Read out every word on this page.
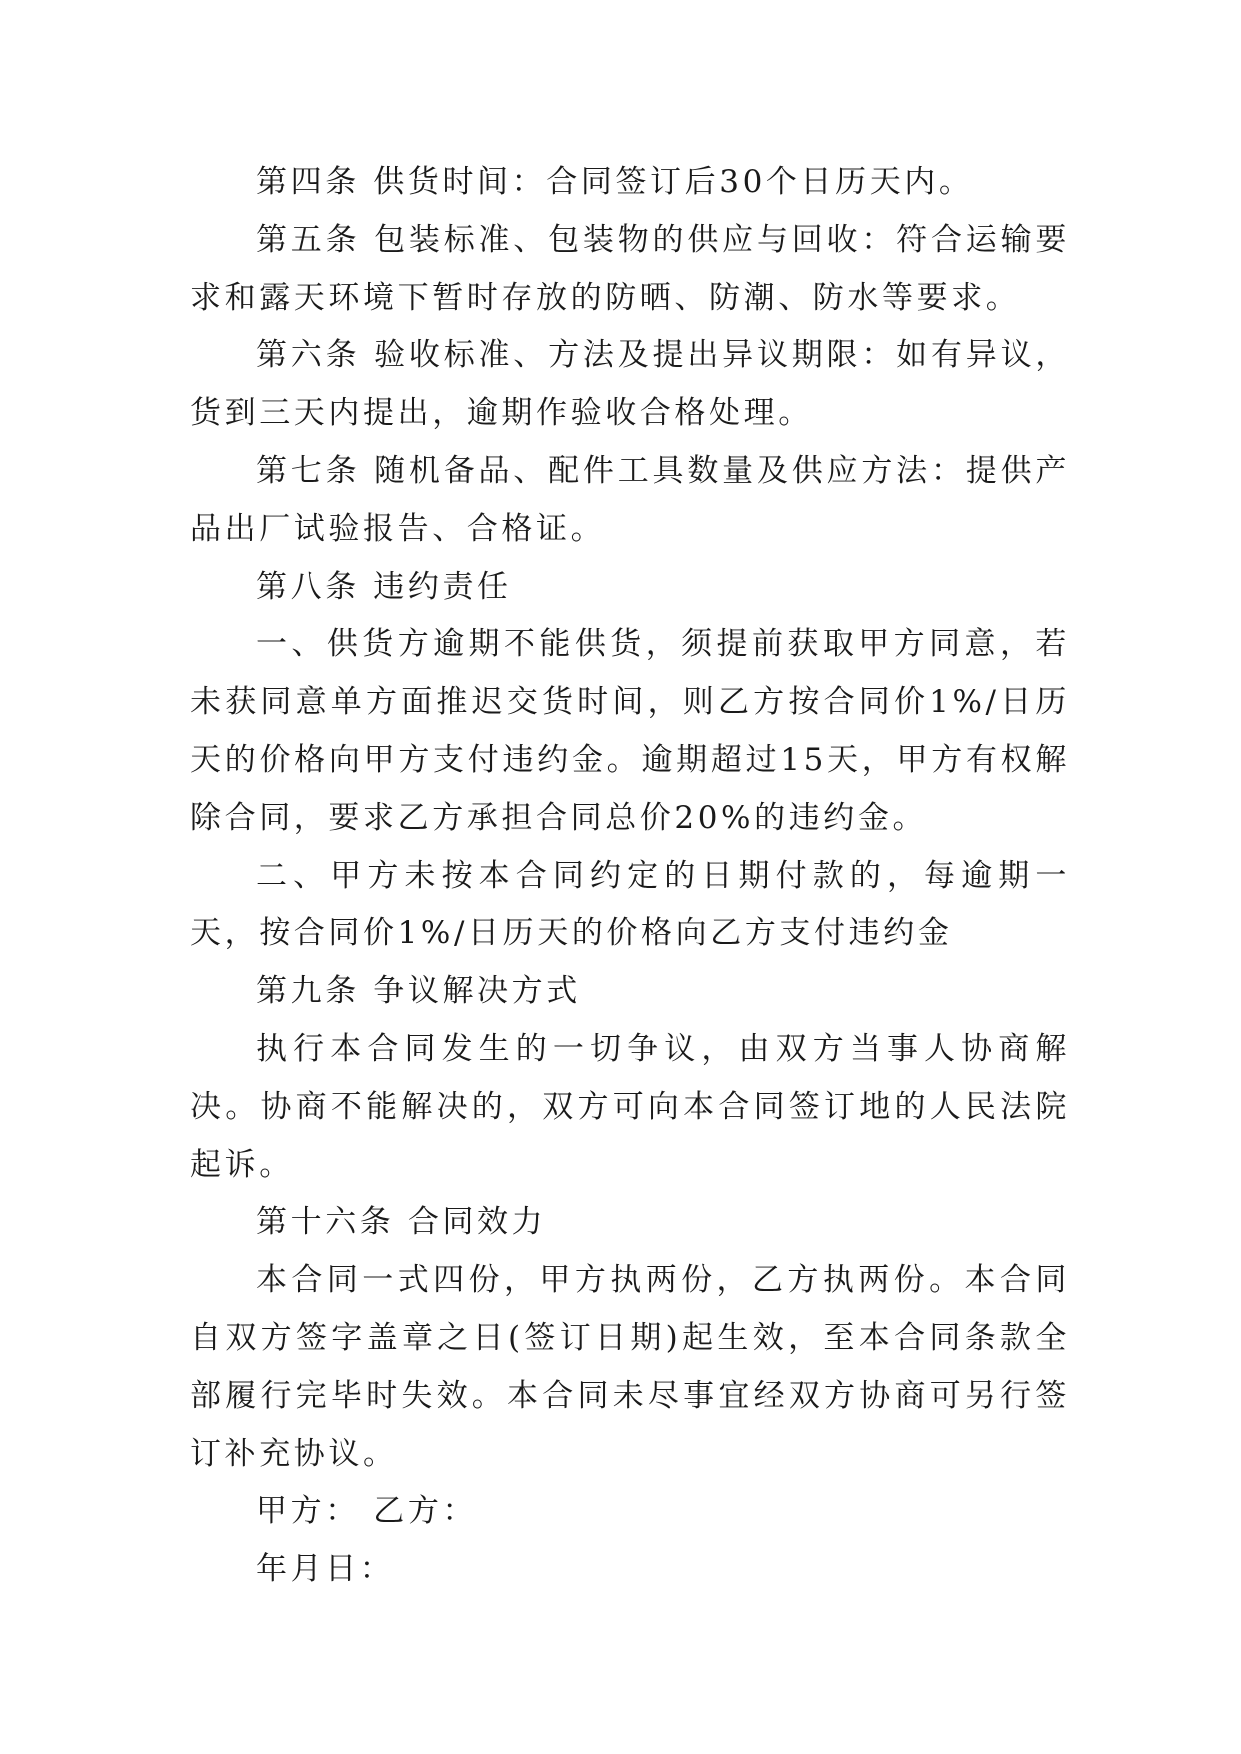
第四条 供货时间：合同签订后30个日历天内。

第五条 包装标准、包装物的供应与回收：符合运输要求和露天环境下暂时存放的防晒、防潮、防水等要求。

第六条 验收标准、方法及提出异议期限：如有异议，货到三天内提出，逾期作验收合格处理。

第七条 随机备品、配件工具数量及供应方法：提供产品出厂试验报告、合格证。

第八条 违约责任

一、供货方逾期不能供货，须提前获取甲方同意，若未获同意单方面推迟交货时间，则乙方按合同价1%/日历天的价格向甲方支付违约金。逾期超过15天，甲方有权解除合同，要求乙方承担合同总价20%的违约金。

二、甲方未按本合同约定的日期付款的，每逾期一天，按合同价1%/日历天的价格向乙方支付违约金

第九条 争议解决方式

执行本合同发生的一切争议，由双方当事人协商解决。协商不能解决的，双方可向本合同签订地的人民法院起诉。

第十六条 合同效力

本合同一式四份，甲方执两份，乙方执两份。本合同自双方签字盖章之日(签订日期)起生效，至本合同条款全部履行完毕时失效。本合同未尽事宜经双方协商可另行签订补充协议。

甲方： 乙方：

年月日：
